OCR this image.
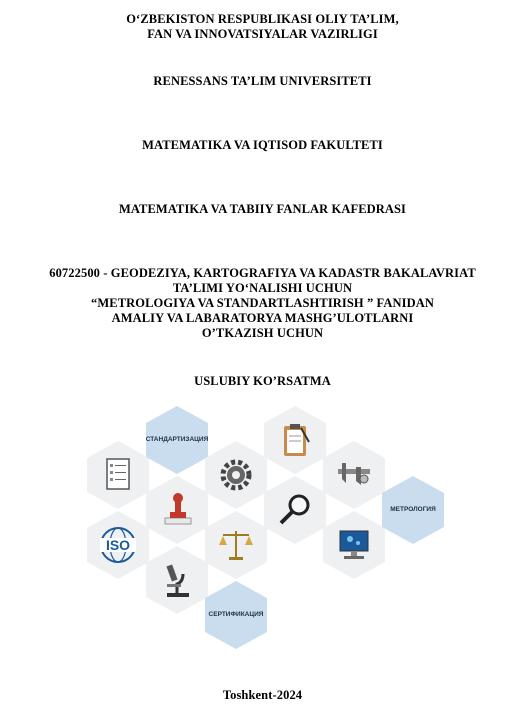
O‘ZBEKISTON RESPUBLIKASI OLIY TA’LIM,
FAN VA INNOVATSIYALAR VAZIRLIGI
RENESSANS TA’LIM UNIVERSITETI
MATEMATIKA VA IQTISOD FAKULTETI
MATEMATIKA VA TABIIY FANLAR KAFEDRASI
60722500 - GEODEZIYA, KARTOGRAFIYA VA KADASTR BAKALAVRIAT
TA’LIMI YO‘NALISHI UCHUN
“METROLOGIYA VA STANDARTLASHTIRISH ” FANIDAN
AMALIY VA LABARATORYA MASHG’ULOTLARNI
O’TKAZISH UCHUN
USLUBIY KO’RSATMA
СТАНДАРТИЗАЦИЯ
ISO
СЕРТИФИКАЦИЯ
МЕТРОЛОГИЯ
Toshkent-2024
